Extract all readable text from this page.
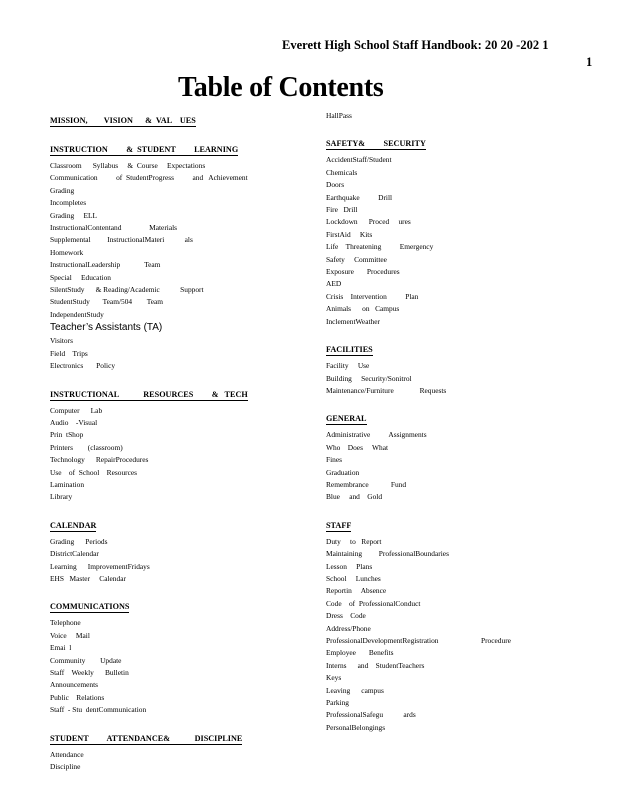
Everett High School Staff Handbook: 20 20 -202 1
1
Table of Contents
MISSION,        VISION      &  VAL    UES
INSTRUCTION         &  STUDENT         LEARNING
Classroom      Syllabus     &  Course     Expectations
Communication          of  StudentProgress          and   Achievement
Grading
Incompletes
Grading     ELL
InstructionalContentand               Materials
Supplemental         InstructionalMateri           als
Homework
InstructionalLeadership             Team
Special     Education
SilentStudy      & Reading/Academic           Support
StudentStudy       Team/504        Team
IndependentStudy
Teacher’s Assistants (TA)
Visitors
Field    Trips
Electronics       Policy
INSTRUCTIONAL            RESOURCES         &   TECH
Computer      Lab
Audio    -Visual
Prin  tShop
Printers        (classroom)
Technology      RepairProcedures
Use    of  School    Resources
Lamination
Library
CALENDAR
Grading      Periods
DistrictCalendar
Learning      ImprovementFridays
EHS   Master     Calendar
COMMUNICATIONS
Telephone
Voice     Mail
Emai  l
Community        Update
Staff    Weekly      Bulletin
Announcements
Public    Relations
Staff  - Stu  dentCommunication
STUDENT         ATTENDANCE&            DISCIPLINE
Attendance
Discipline
HallPass
SAFETY&         SECURITY
AccidentStaff/Student
Chemicals
Doors
Earthquake          Drill
Fire   Drill
Lockdown      Proced     ures
FirstAid     Kits
Life    Threatening          Emergency
Safety     Committee
Exposure       Procedures
AED
Crisis    Intervention          Plan
Animals      on   Campus
InclementWeather
FACILITIES
Facility     Use
Building     Security/Sonitrol
Maintenance/Furniture              Requests
GENERAL
Administrative          Assignments
Who    Does     What
Fines
Graduation
Remembrance            Fund
Blue     and    Gold
STAFF
Duty     to   Report
Maintaining         ProfessionalBoundaries
Lesson     Plans
School     Lunches
Reportin     Absence
Code    of  ProfessionalConduct
Dress    Code
Address/Phone
ProfessionalDevelopmentRegistration                       Procedure
Employee       Benefits
Interns      and    StudentTeachers
Keys
Leaving      campus
Parking
ProfessionalSafegu           ards
PersonalBelongings
